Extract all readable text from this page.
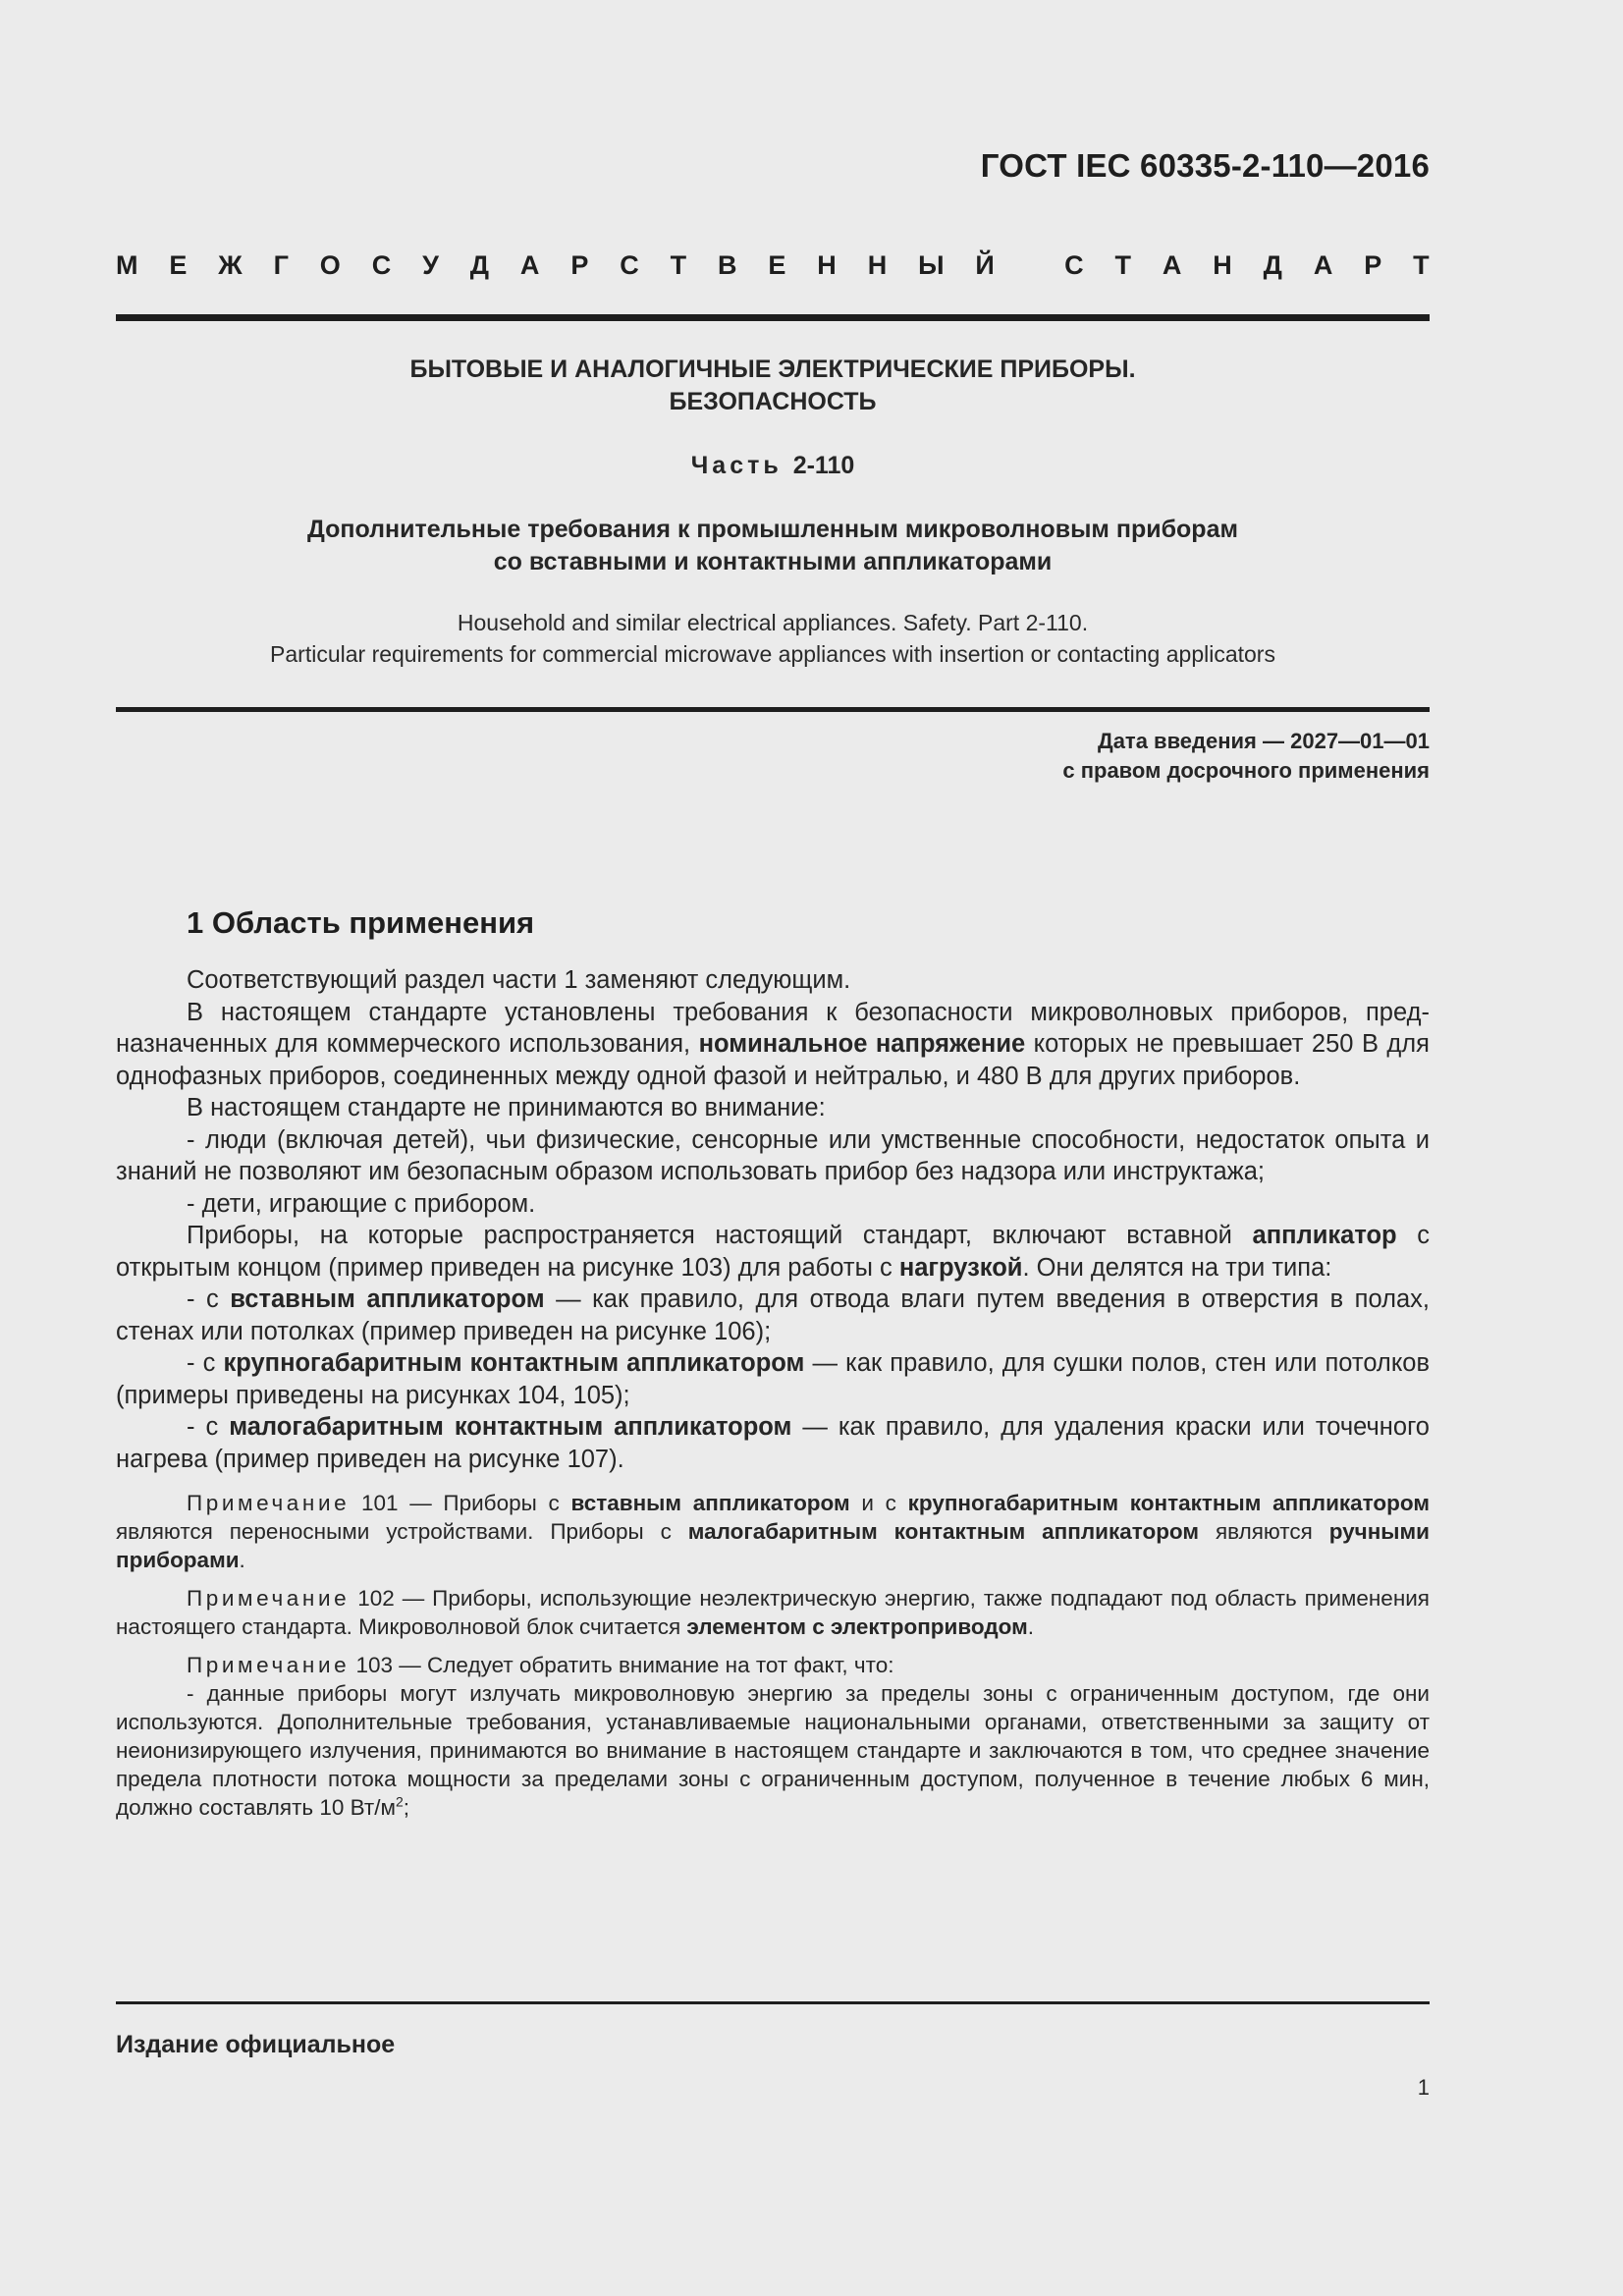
ГОСТ IEC 60335-2-110—2016
М Е Ж Г О С У Д А Р С Т В Е Н Н Ы Й
	С Т А Н Д А Р Т
БЫТОВЫЕ И АНАЛОГИЧНЫЕ ЭЛЕКТРИЧЕСКИЕ ПРИБОРЫ.
БЕЗОПАСНОСТЬ
Часть 2-110
Дополнительные требования к промышленным микроволновым приборам
со вставными и контактными аппликаторами
Household and similar electrical appliances. Safety. Part 2-110.
Particular requirements for commercial microwave appliances with insertion or contacting applicators
Дата введения — 2027—01—01
с правом досрочного применения
1 Область применения

Соответствующий раздел части 1 заменяют следующим.

В настоящем стандарте установлены требования к безопасности микроволновых приборов, предназначенных для коммерческого использования, номинальное напряжение которых не превышает 250 В для однофазных приборов, соединенных между одной фазой и нейтралью, и 480 В для других приборов.

В настоящем стандарте не принимаются во внимание:

- люди (включая детей), чьи физические, сенсорные или умственные способности, недостаток опыта и знаний не позволяют им безопасным образом использовать прибор без надзора или инструктажа;

- дети, играющие с прибором.

Приборы, на которые распространяется настоящий стандарт, включают вставной аппликатор с открытым концом (пример приведен на рисунке 103) для работы с нагрузкой. Они делятся на три типа:

- с вставным аппликатором — как правило, для отвода влаги путем введения в отверстия в полах, стенах или потолках (пример приведен на рисунке 106);

- с крупногабаритным контактным аппликатором — как правило, для сушки полов, стен или потолков (примеры приведены на рисунках 104, 105);

- с малогабаритным контактным аппликатором — как правило, для удаления краски или точечного нагрева (пример приведен на рисунке 107).

Примечание 101 — Приборы с вставным аппликатором и с крупногабаритным контактным аппликатором являются переносными устройствами. Приборы с малогабаритным контактным аппликатором являются ручными приборами.

Примечание 102 — Приборы, использующие неэлектрическую энергию, также подпадают под область применения настоящего стандарта. Микроволновой блок считается элементом с электроприводом.

Примечание 103 — Следует обратить внимание на тот факт, что:

- данные приборы могут излучать микроволновую энергию за пределы зоны с ограниченным доступом, где они используются. Дополнительные требования, устанавливаемые национальными органами, ответственными за защиту от неионизирующего излучения, принимаются во внимание в настоящем стандарте и заключаются в том, что среднее значение предела плотности потока мощности за пределами зоны с ограниченным доступом, полученное в течение любых 6 мин, должно составлять 10 $Вт/м^2$;

Издание официальное
1
